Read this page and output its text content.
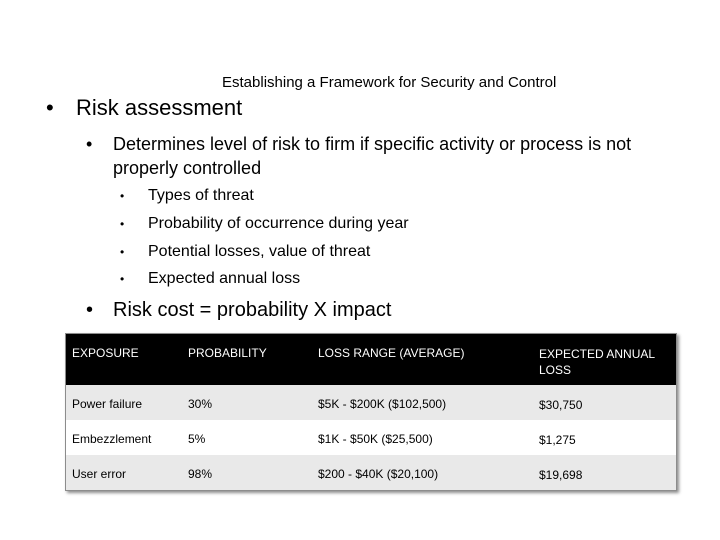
Establishing a Framework for Security and Control
• Risk assessment
• Determines level of risk to firm if specific activity or process is not properly controlled
• Types of threat
• Probability of occurrence during year
• Potential losses, value of threat
• Expected annual loss
• Risk cost = probability X impact
EXPOSURE	PROBABILITY	LOSS RANGE (AVERAGE)	EXPECTED ANNUAL LOSS
Power failure	30%	$5K - $200K ($102,500)	$30,750
Embezzlement	5%	$1K - $50K ($25,500)	$1,275
User error	98%	$200 - $40K ($20,100)	$19,698
